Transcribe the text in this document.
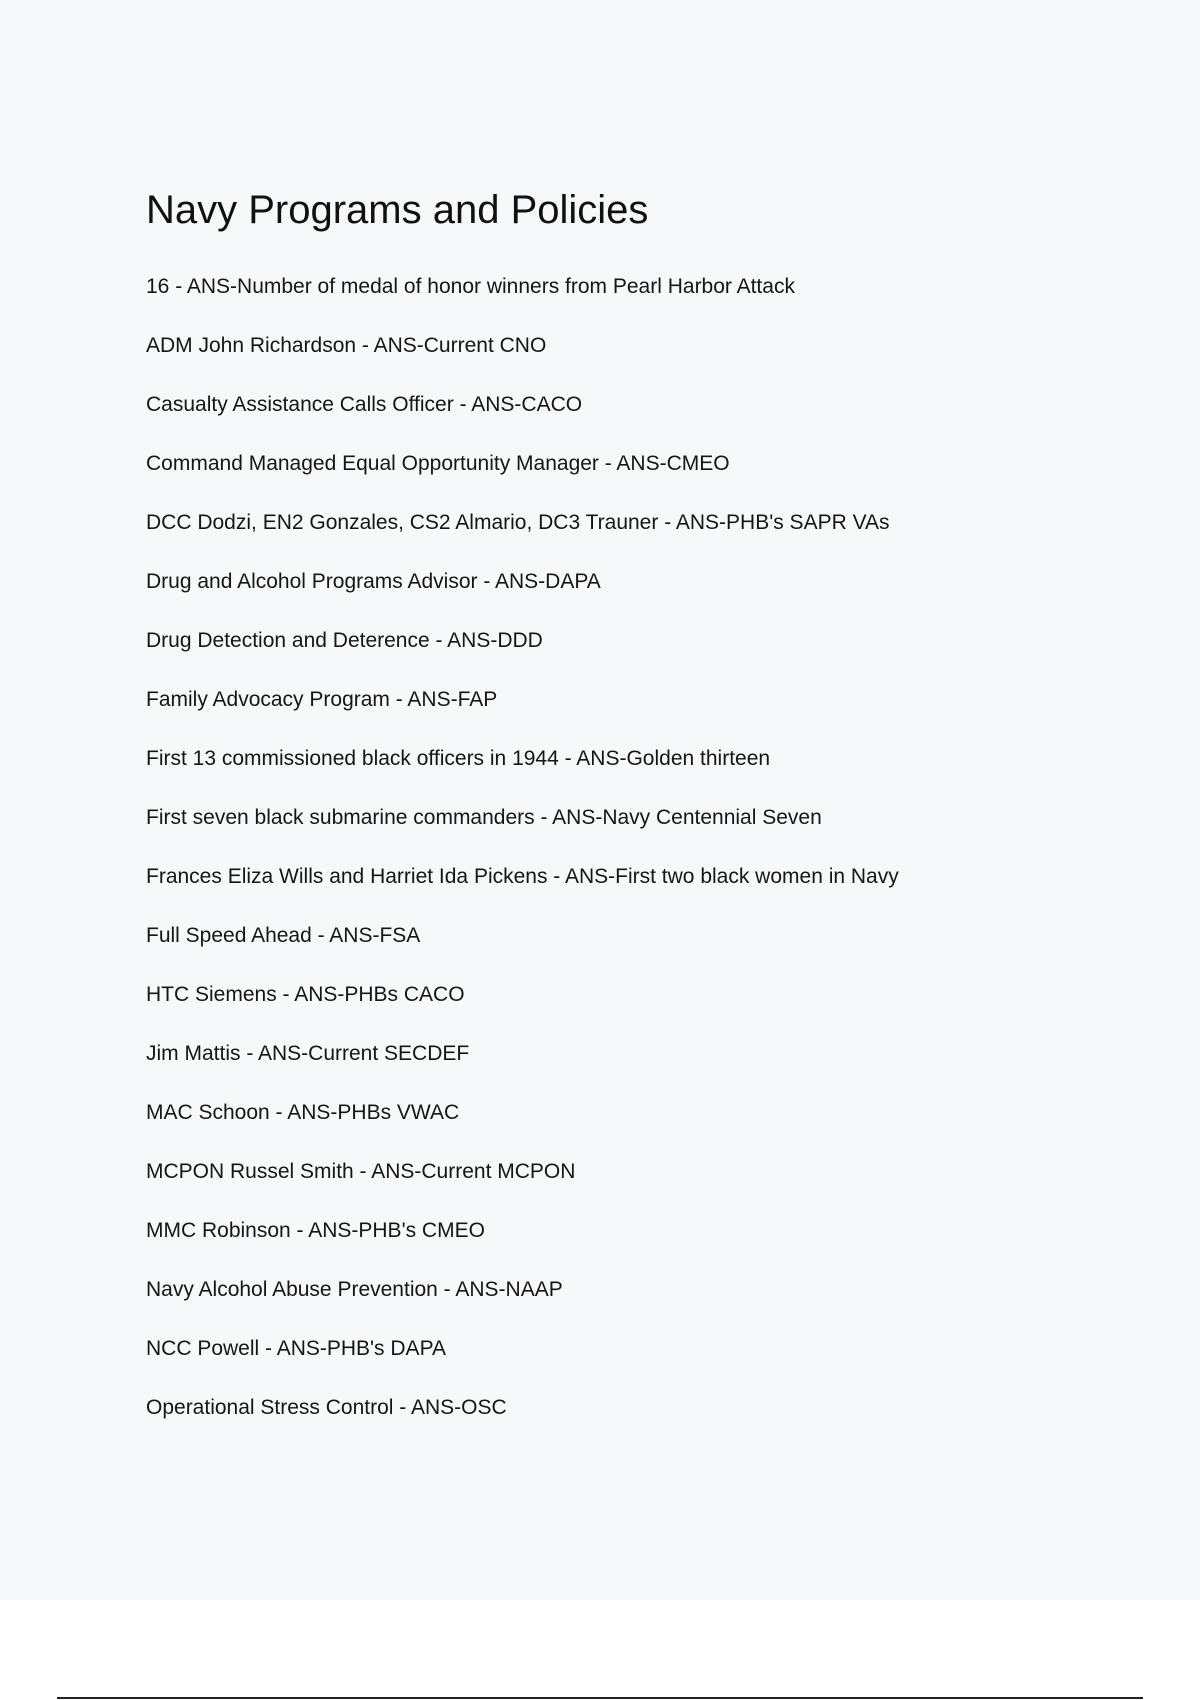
Navy Programs and Policies
16 - ANS-Number of medal of honor winners from Pearl Harbor Attack
ADM John Richardson - ANS-Current CNO
Casualty Assistance Calls Officer - ANS-CACO
Command Managed Equal Opportunity Manager - ANS-CMEO
DCC Dodzi, EN2 Gonzales, CS2 Almario, DC3 Trauner - ANS-PHB's SAPR VAs
Drug and Alcohol Programs Advisor - ANS-DAPA
Drug Detection and Deterence - ANS-DDD
Family Advocacy Program - ANS-FAP
First 13 commissioned black officers in 1944 - ANS-Golden thirteen
First seven black submarine commanders - ANS-Navy Centennial Seven
Frances Eliza Wills and Harriet Ida Pickens - ANS-First two black women in Navy
Full Speed Ahead - ANS-FSA
HTC Siemens - ANS-PHBs CACO
Jim Mattis - ANS-Current SECDEF
MAC Schoon - ANS-PHBs VWAC
MCPON Russel Smith - ANS-Current MCPON
MMC Robinson - ANS-PHB's CMEO
Navy Alcohol Abuse Prevention - ANS-NAAP
NCC Powell - ANS-PHB's DAPA
Operational Stress Control - ANS-OSC
